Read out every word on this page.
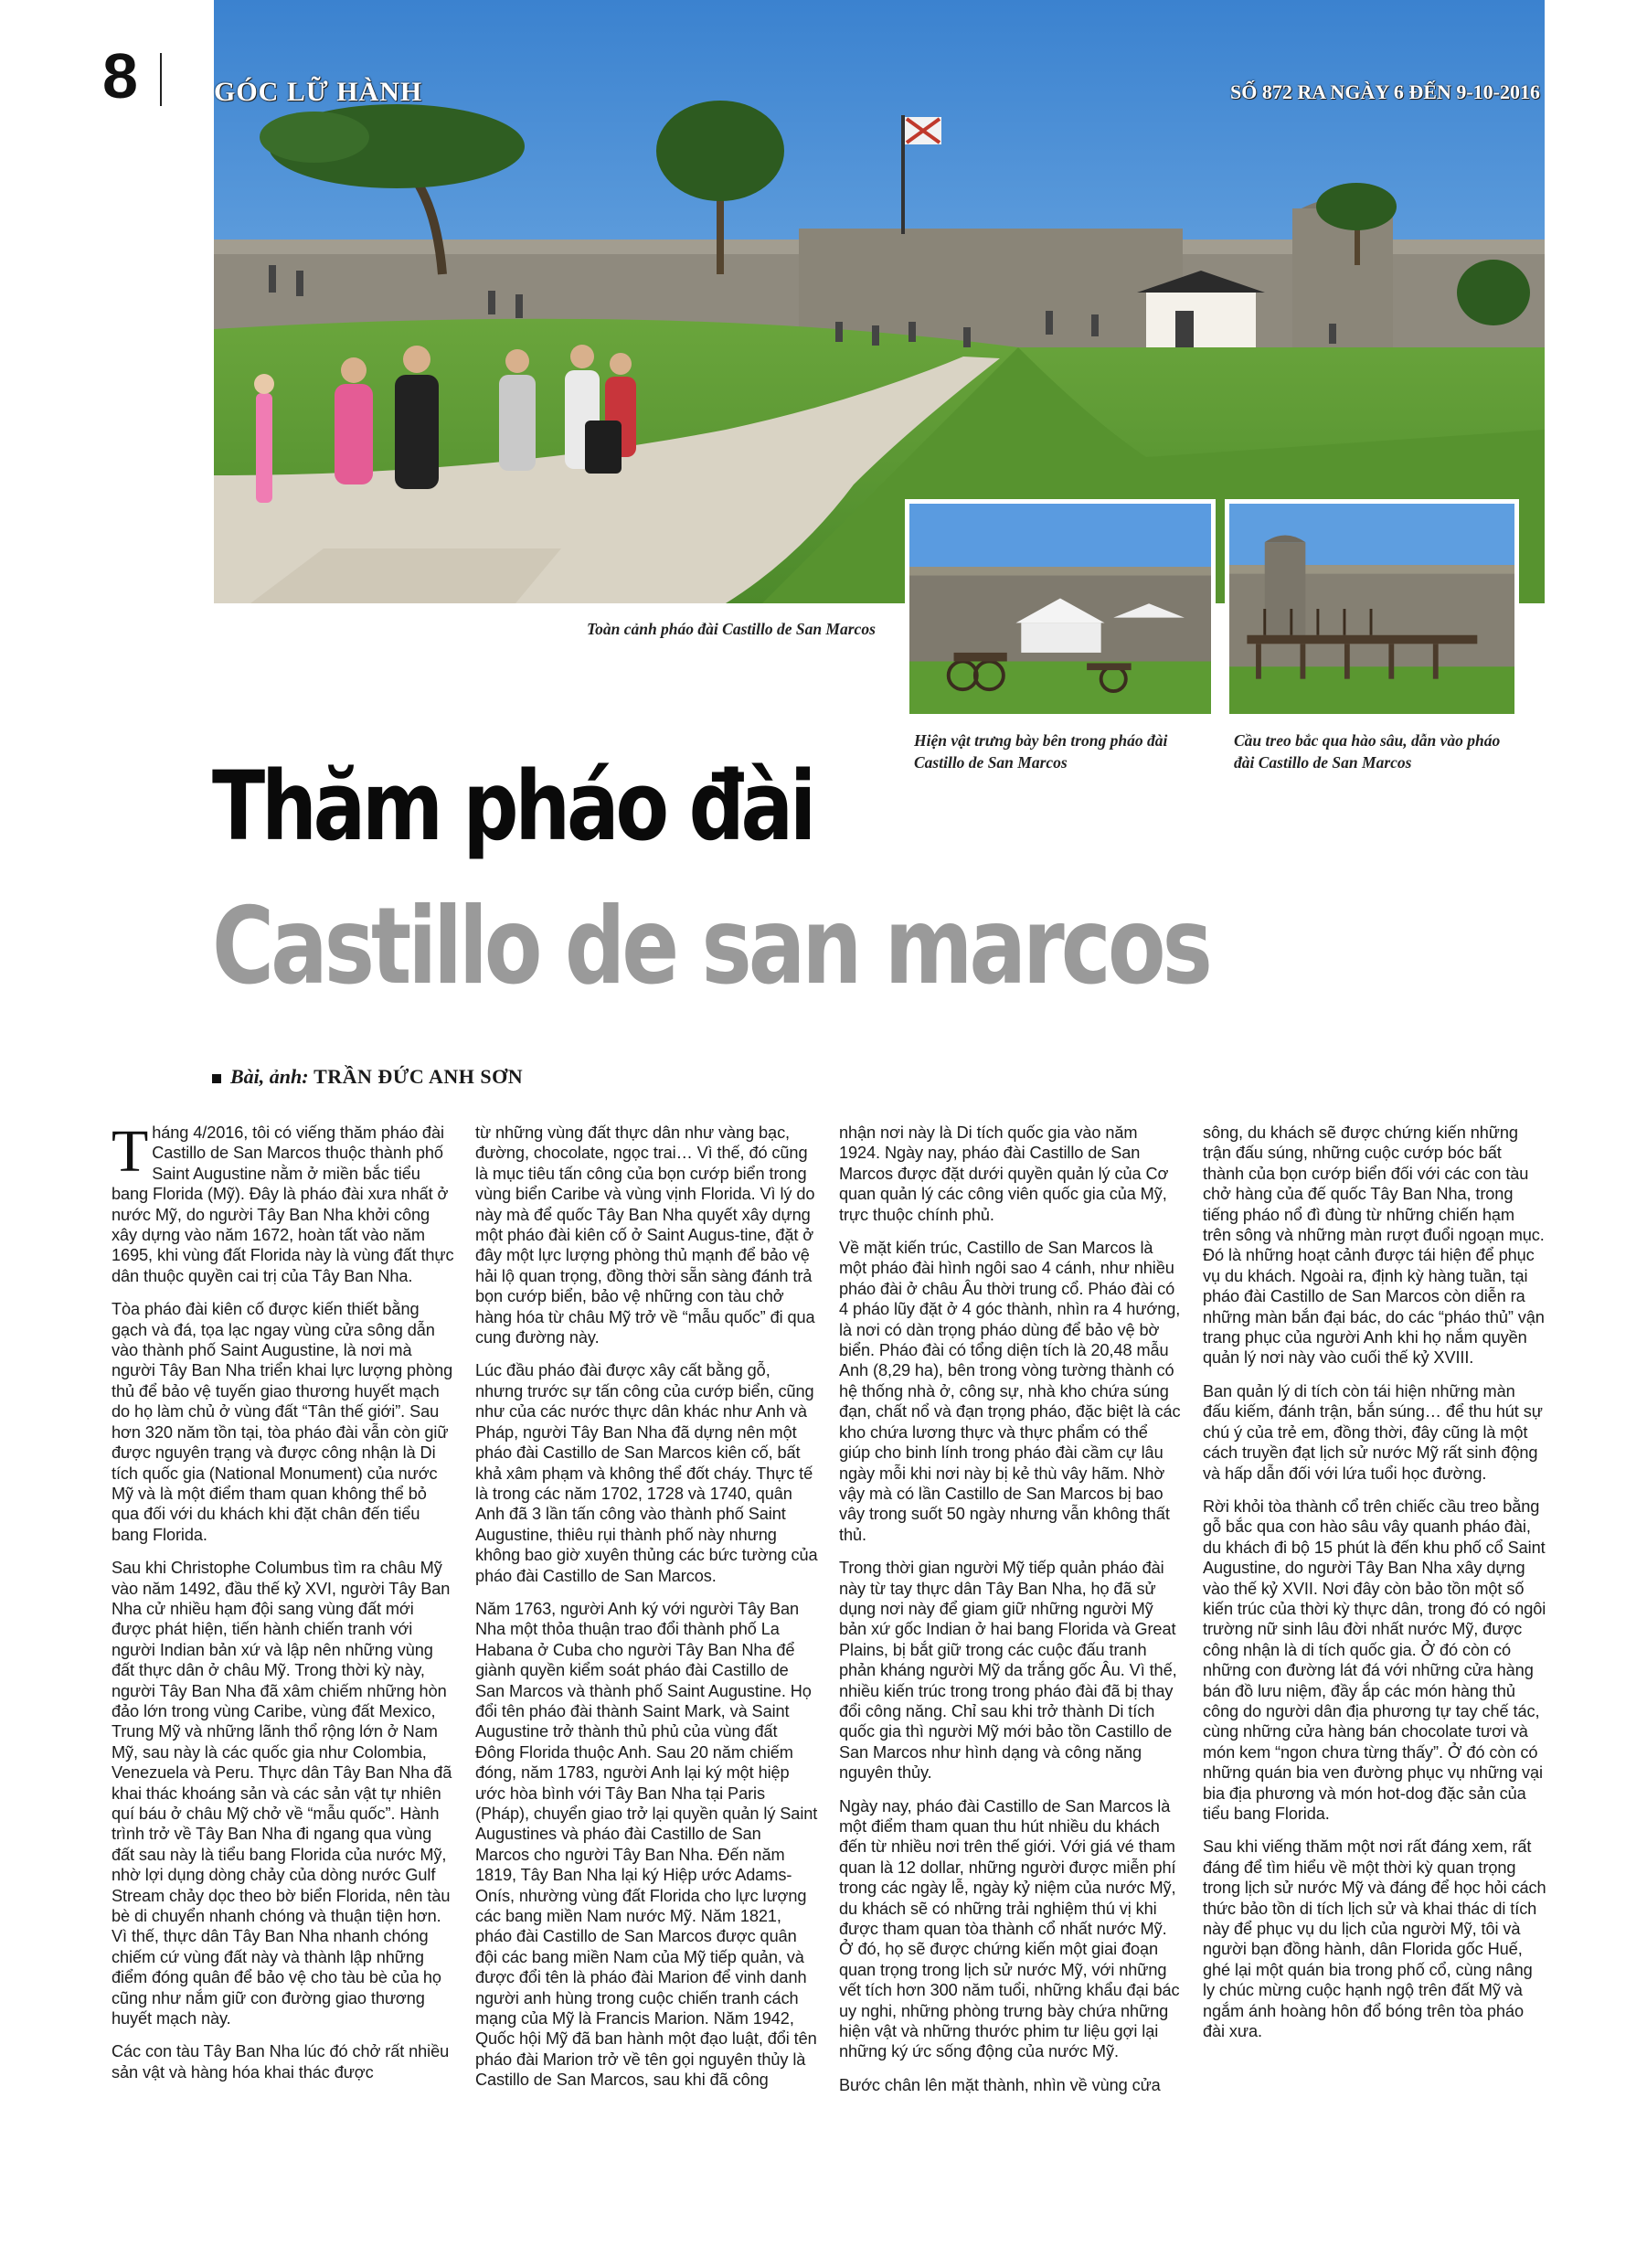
8	GÓC LỮ HÀNH	SỐ 872 RA NGÀY 6 ĐẾN 9-10-2016
Toàn cảnh pháo đài Castillo de San Marcos
Hiện vật trưng bày bên trong pháo đài Castillo de San Marcos
Cầu treo bắc qua hào sâu, dẫn vào pháo đài Castillo de San Marcos
Thăm pháo đài
Castillo de san marcos
Bài, ảnh: TRẦN ĐỨC ANH SƠN

Tháng 4/2016, tôi có viếng thăm pháo đài Castillo de San Marcos thuộc thành phố Saint Augustine nằm ở miền bắc tiểu bang Florida (Mỹ). Đây là pháo đài xưa nhất ở nước Mỹ, do người Tây Ban Nha khởi công xây dựng vào năm 1672, hoàn tất vào năm 1695, khi vùng đất Florida này là vùng đất thực dân thuộc quyền cai trị của Tây Ban Nha.

Tòa pháo đài kiên cố được kiến thiết bằng gạch và đá, tọa lạc ngay vùng cửa sông dẫn vào thành phố Saint Augustine, là nơi mà người Tây Ban Nha triển khai lực lượng phòng thủ để bảo vệ tuyến giao thương huyết mạch do họ làm chủ ở vùng đất “Tân thế giới”. Sau hơn 320 năm tồn tại, tòa pháo đài vẫn còn giữ được nguyên trạng và được công nhận là Di tích quốc gia (National Monument) của nước Mỹ và là một điểm tham quan không thể bỏ qua đối với du khách khi đặt chân đến tiểu bang Florida.

Sau khi Christophe Columbus tìm ra châu Mỹ vào năm 1492, đầu thế kỷ XVI, người Tây Ban Nha cử nhiều hạm đội sang vùng đất mới được phát hiện, tiến hành chiến tranh với người Indian bản xứ và lập nên những vùng đất thực dân ở châu Mỹ. Trong thời kỳ này, người Tây Ban Nha đã xâm chiếm những hòn đảo lớn trong vùng Caribe, vùng đất Mexico, Trung Mỹ và những lãnh thổ rộng lớn ở Nam Mỹ, sau này là các quốc gia như Colombia, Venezuela và Peru. Thực dân Tây Ban Nha đã khai thác khoáng sản và các sản vật tự nhiên quí báu ở châu Mỹ chở về “mẫu quốc”. Hành trình trở về Tây Ban Nha đi ngang qua vùng đất sau này là tiểu bang Florida của nước Mỹ, nhờ lợi dụng dòng chảy của dòng nước Gulf Stream chảy dọc theo bờ biển Florida, nên tàu bè di chuyển nhanh chóng và thuận tiện hơn. Vì thế, thực dân Tây Ban Nha nhanh chóng chiếm cứ vùng đất này và thành lập những điểm đóng quân để bảo vệ cho tàu bè của họ cũng như nắm giữ con đường giao thương huyết mạch này.

Các con tàu Tây Ban Nha lúc đó chở rất nhiều sản vật và hàng hóa khai thác được

từ những vùng đất thực dân như vàng bạc, đường, chocolate, ngọc trai… Vì thế, đó cũng là mục tiêu tấn công của bọn cướp biển trong vùng biển Caribe và vùng vịnh Florida. Vì lý do này mà để quốc Tây Ban Nha quyết xây dựng một pháo đài kiên cố ở Saint Augus-tine, đặt ở đây một lực lượng phòng thủ mạnh để bảo vệ hải lộ quan trọng, đồng thời sẵn sàng đánh trả bọn cướp biển, bảo vệ những con tàu chở hàng hóa từ châu Mỹ trở về “mẫu quốc” đi qua cung đường này.

Lúc đầu pháo đài được xây cất bằng gỗ, nhưng trước sự tấn công của cướp biển, cũng như của các nước thực dân khác như Anh và Pháp, người Tây Ban Nha đã dựng nên một pháo đài Castillo de San Marcos kiên cố, bất khả xâm phạm và không thể đốt cháy. Thực tế là trong các năm 1702, 1728 và 1740, quân Anh đã 3 lần tấn công vào thành phố Saint Augustine, thiêu rụi thành phố này nhưng không bao giờ xuyên thủng các bức tường của pháo đài Castillo de San Marcos.

Năm 1763, người Anh ký với người Tây Ban Nha một thỏa thuận trao đổi thành phố La Habana ở Cuba cho người Tây Ban Nha để giành quyền kiểm soát pháo đài Castillo de San Marcos và thành phố Saint Augustine. Họ đổi tên pháo đài thành Saint Mark, và Saint Augustine trở thành thủ phủ của vùng đất Đông Florida thuộc Anh. Sau 20 năm chiếm đóng, năm 1783, người Anh lại ký một hiệp ước hòa bình với Tây Ban Nha tại Paris (Pháp), chuyển giao trở lại quyền quản lý Saint Augustines và pháo đài Castillo de San Marcos cho người Tây Ban Nha. Đến năm 1819, Tây Ban Nha lại ký Hiệp ước Adams-Onís, nhường vùng đất Florida cho lực lượng các bang miền Nam nước Mỹ. Năm 1821, pháo đài Castillo de San Marcos được quân đội các bang miền Nam của Mỹ tiếp quản, và được đổi tên là pháo đài Marion để vinh danh người anh hùng trong cuộc chiến tranh cách mạng của Mỹ là Francis Marion. Năm 1942, Quốc hội Mỹ đã ban hành một đạo luật, đổi tên pháo đài Marion trở về tên gọi nguyên thủy là Castillo de San Marcos, sau khi đã công

nhận nơi này là Di tích quốc gia vào năm 1924. Ngày nay, pháo đài Castillo de San Marcos được đặt dưới quyền quản lý của Cơ quan quản lý các công viên quốc gia của Mỹ, trực thuộc chính phủ.

Về mặt kiến trúc, Castillo de San Marcos là một pháo đài hình ngôi sao 4 cánh, như nhiều pháo đài ở châu Âu thời trung cổ. Pháo đài có 4 pháo lũy đặt ở 4 góc thành, nhìn ra 4 hướng, là nơi có dàn trọng pháo dùng để bảo vệ bờ biển. Pháo đài có tổng diện tích là 20,48 mẫu Anh (8,29 ha), bên trong vòng tường thành có hệ thống nhà ở, công sự, nhà kho chứa súng đạn, chất nổ và đạn trọng pháo, đặc biệt là các kho chứa lương thực và thực phẩm có thể giúp cho binh lính trong pháo đài cầm cự lâu ngày mỗi khi nơi này bị kẻ thù vây hãm. Nhờ vậy mà có lần Castillo de San Marcos bị bao vây trong suốt 50 ngày nhưng vẫn không thất thủ.

Trong thời gian người Mỹ tiếp quản pháo đài này từ tay thực dân Tây Ban Nha, họ đã sử dụng nơi này để giam giữ những người Mỹ bản xứ gốc Indian ở hai bang Florida và Great Plains, bị bắt giữ trong các cuộc đấu tranh phản kháng người Mỹ da trắng gốc Âu. Vì thế, nhiều kiến trúc trong trong pháo đài đã bị thay đổi công năng. Chỉ sau khi trở thành Di tích quốc gia thì người Mỹ mới bảo tồn Castillo de San Marcos như hình dạng và công năng nguyên thủy.

Ngày nay, pháo đài Castillo de San Marcos là một điểm tham quan thu hút nhiều du khách đến từ nhiều nơi trên thế giới. Với giá vé tham quan là 12 dollar, những người được miễn phí trong các ngày lễ, ngày kỷ niệm của nước Mỹ, du khách sẽ có những trải nghiệm thú vị khi được tham quan tòa thành cổ nhất nước Mỹ. Ở đó, họ sẽ được chứng kiến một giai đoạn quan trọng trong lịch sử nước Mỹ, với những vết tích hơn 300 năm tuổi, những khẩu đại bác uy nghi, những phòng trưng bày chứa những hiện vật và những thước phim tư liệu gợi lại những ký ức sống động của nước Mỹ.

Bước chân lên mặt thành, nhìn về vùng cửa

sông, du khách sẽ được chứng kiến những trận đấu súng, những cuộc cướp bóc bất thành của bọn cướp biển đối với các con tàu chở hàng của đế quốc Tây Ban Nha, trong tiếng pháo nổ đì đùng từ những chiến hạm trên sông và những màn rượt đuổi ngoạn mục. Đó là những hoạt cảnh được tái hiện để phục vụ du khách. Ngoài ra, định kỳ hàng tuần, tại pháo đài Castillo de San Marcos còn diễn ra những màn bắn đại bác, do các “pháo thủ” vận trang phục của người Anh khi họ nắm quyền quản lý nơi này vào cuối thế kỷ XVIII.

Ban quản lý di tích còn tái hiện những màn đấu kiếm, đánh trận, bắn súng… để thu hút sự chú ý của trẻ em, đồng thời, đây cũng là một cách truyền đạt lịch sử nước Mỹ rất sinh động và hấp dẫn đối với lứa tuổi học đường.

Rời khỏi tòa thành cổ trên chiếc cầu treo bằng gỗ bắc qua con hào sâu vây quanh pháo đài, du khách đi bộ 15 phút là đến khu phố cổ Saint Augustine, do người Tây Ban Nha xây dựng vào thế kỷ XVII. Nơi đây còn bảo tồn một số kiến trúc của thời kỳ thực dân, trong đó có ngôi trường nữ sinh lâu đời nhất nước Mỹ, được công nhận là di tích quốc gia. Ở đó còn có những con đường lát đá với những cửa hàng bán đồ lưu niệm, đầy ắp các món hàng thủ công do người dân địa phương tự tay chế tác, cùng những cửa hàng bán chocolate tươi và món kem “ngon chưa từng thấy”. Ở đó còn có những quán bia ven đường phục vụ những vại bia địa phương và món hot-dog đặc sản của tiểu bang Florida.

Sau khi viếng thăm một nơi rất đáng xem, rất đáng để tìm hiểu về một thời kỳ quan trọng trong lịch sử nước Mỹ và đáng để học hỏi cách thức bảo tồn di tích lịch sử và khai thác di tích này để phục vụ du lịch của người Mỹ, tôi và người bạn đồng hành, dân Florida gốc Huế, ghé lại một quán bia trong phố cổ, cùng nâng ly chúc mừng cuộc hạnh ngộ trên đất Mỹ và ngắm ánh hoàng hôn đổ bóng trên tòa pháo đài xưa.
